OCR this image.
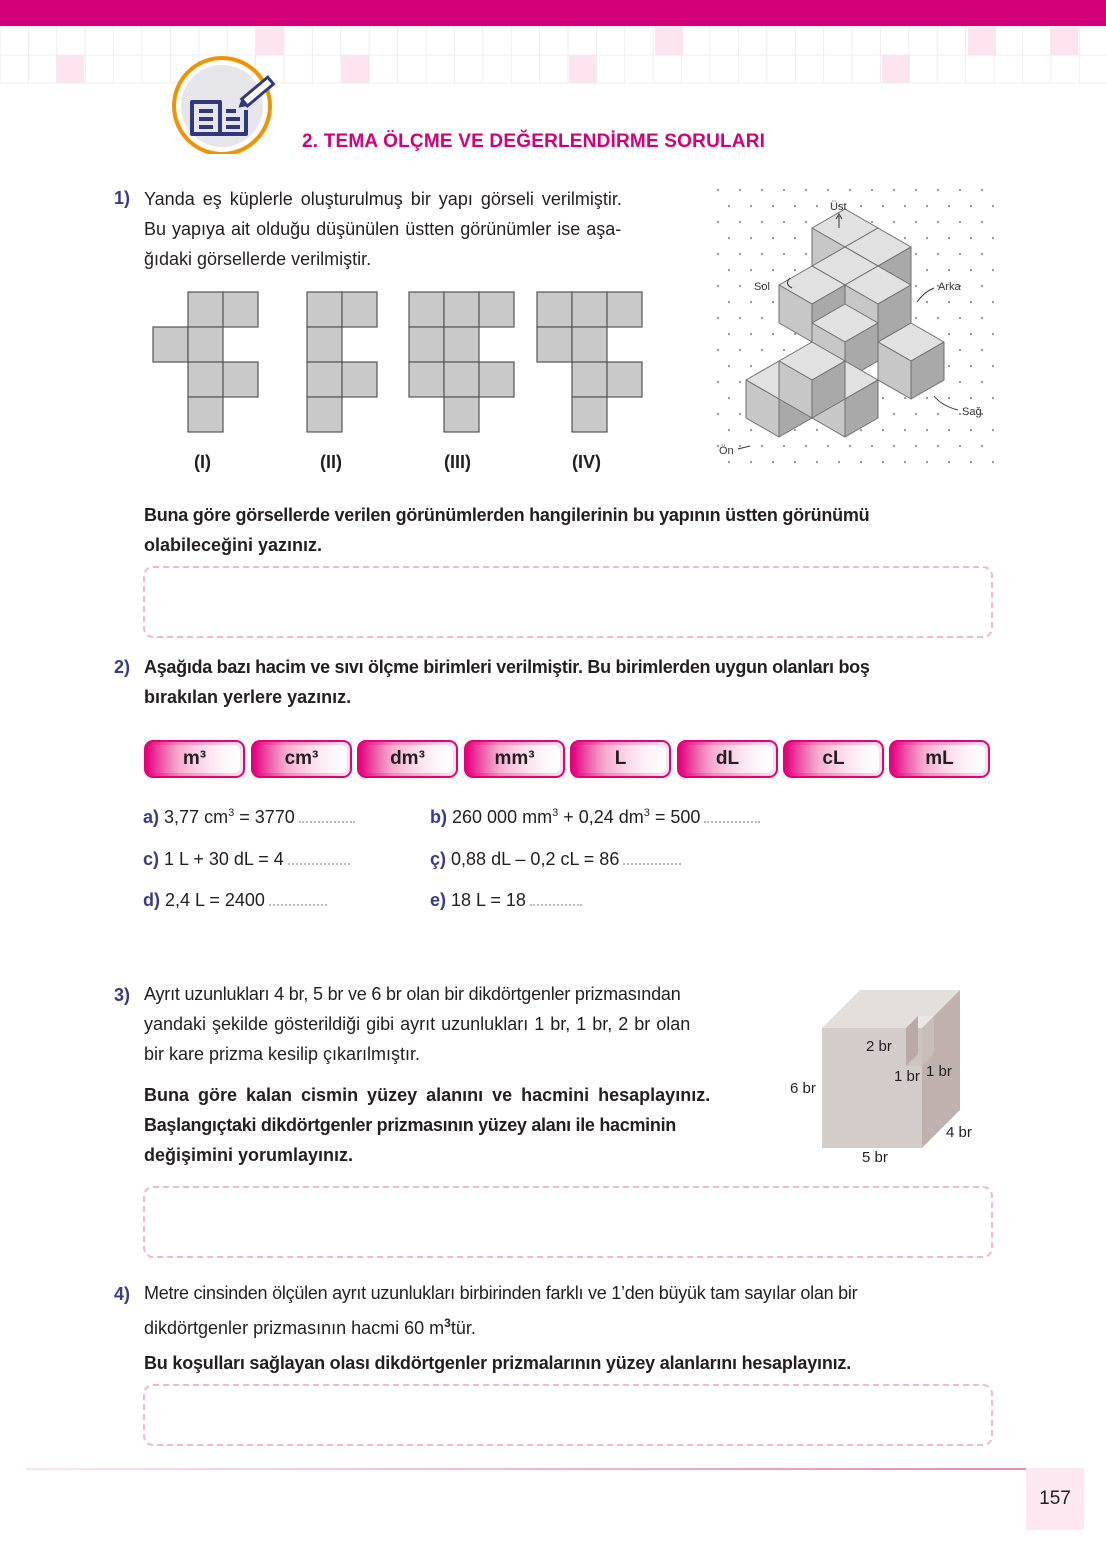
2. TEMA ÖLÇME VE DEĞERLENDİRME SORULARI
1) Yanda eş küplerle oluşturulmuş bir yapı görseli verilmiştir.
Bu yapıya ait olduğu düşünülen üstten görünümler ise aşa-
ğıdaki görsellerde verilmiştir.
(I)	(II)	(III)	(IV)
Üst
Sol	Arka
Sağ
Ön
Buna göre görsellerde verilen görünümlerden hangilerinin bu yapının üstten görünümü
olabileceğini yazınız.
2) Aşağıda bazı hacim ve sıvı ölçme birimleri verilmiştir. Bu birimlerden uygun olanları boş
bırakılan yerlere yazınız.
m³	cm³	dm³	mm³	L	dL	cL	mL
a) 3,77 $cm^3 = 3770$	b) 260 000 $mm^3 + 0,24$ $dm^3 = 500$
c) 1 L + 30 dL = 4	ç) 0,88 dL – 0,2 cL = 86
d) 2,4 L = 2400	e) 18 L = 18
3) Ayrıt uzunlukları 4 br, 5 br ve 6 br olan bir dikdörtgenler prizmasından
yandaki şekilde gösterildiği gibi ayrıt uzunlukları 1 br, 1 br, 2 br olan
bir kare prizma kesilip çıkarılmıştır.
Buna göre kalan cismin yüzey alanını ve hacmini hesaplayınız.
Başlangıçtaki dikdörtgenler prizmasının yüzey alanı ile hacminin
değişimini yorumlayınız.
2 br
1 br 1 br
6 br
4 br
5 br
4) Metre cinsinden ölçülen ayrıt uzunlukları birbirinden farklı ve 1’den büyük tam sayılar olan bir
dikdörtgenler prizmasının hacmi 60 $m^3tür$.
Bu koşulları sağlayan olası dikdörtgenler prizmalarının yüzey alanlarını hesaplayınız.
157
